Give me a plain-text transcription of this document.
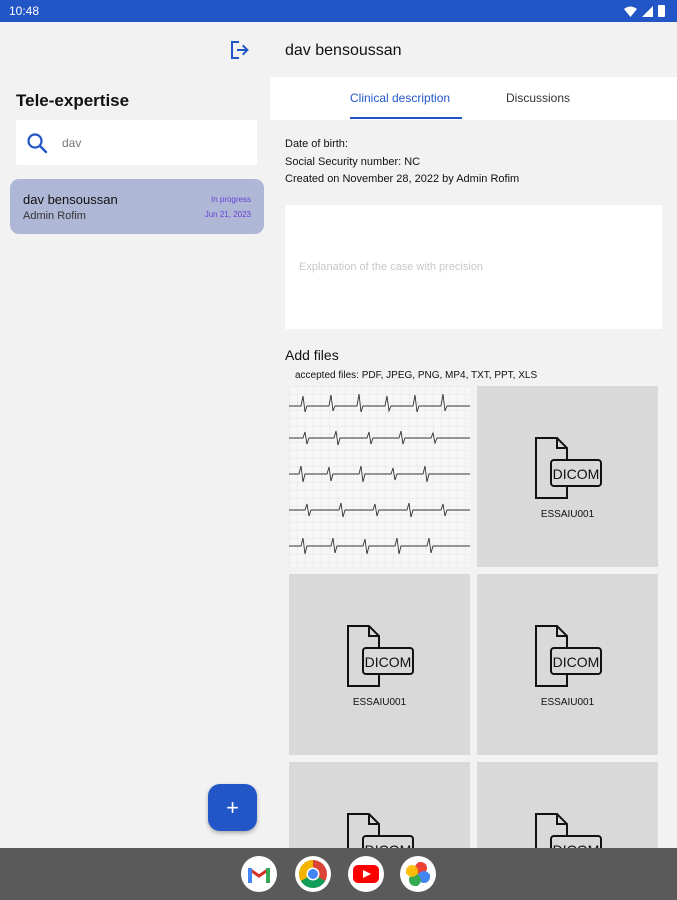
10:48
Tele-expertise
dav
dav bensoussan
Admin Rofim
In progress
Jun 21, 2023
+
dav bensoussan
Clinical description	Discussions
Date of birth:
Social Security number: NC
Created on November 28, 2022 by Admin Rofim
Explanation of the case with precision
Add files
accepted files: PDF, JPEG, PNG, MP4, TXT, PPT, XLS
DICOM
ESSAIU001
DICOM
ESSAIU001
DICOM
ESSAIU001
